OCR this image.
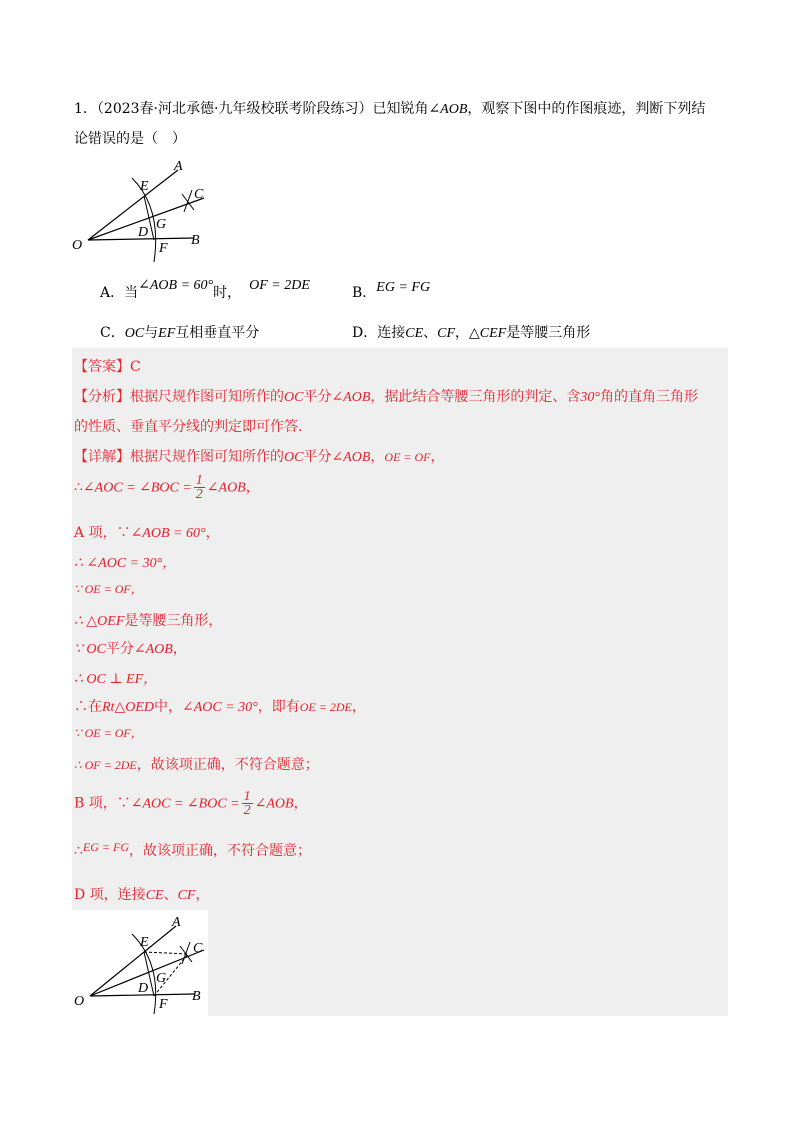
1．（2023春·河北承德·九年级校联考阶段练习）已知锐角∠AOB，观察下图中的作图痕迹，判断下列结
论错误的是（　）
O
A
B
C
D
E
F
G
A．当∠AOB = 60°时， OF = 2DE	B．EG = FG
C．OC与EF互相垂直平分	D．连接CE、CF，△CEF是等腰三角形
【答案】C
【分析】根据尺规作图可知所作的OC平分∠AOB，据此结合等腰三角形的判定、含30°角的直角三角形
的性质、垂直平分线的判定即可作答.
【详解】根据尺规作图可知所作的OC平分∠AOB，OE = OF，
∴∠AOC = ∠BOC = $\frac{1}{2}$ ∠AOB，
A 项，∵∠AOB = 60°，
∴ ∠AOC = 30°，
∵ OE = OF，
∴ △OEF是等腰三角形，
∵ OC平分∠AOB，
∴ OC ⊥ EF，
∴在Rt△OED中，∠AOC = 30°，即有OE = 2DE，
∵ OE = OF，
∴ OF = 2DE，故该项正确，不符合题意；
B 项，∵∠AOC = ∠BOC = $\frac{1}{2}$ ∠AOB，
∴EG = FG，故该项正确，不符合题意；
D 项，连接CE、CF，
O
A
B
C
D
E
F
G
